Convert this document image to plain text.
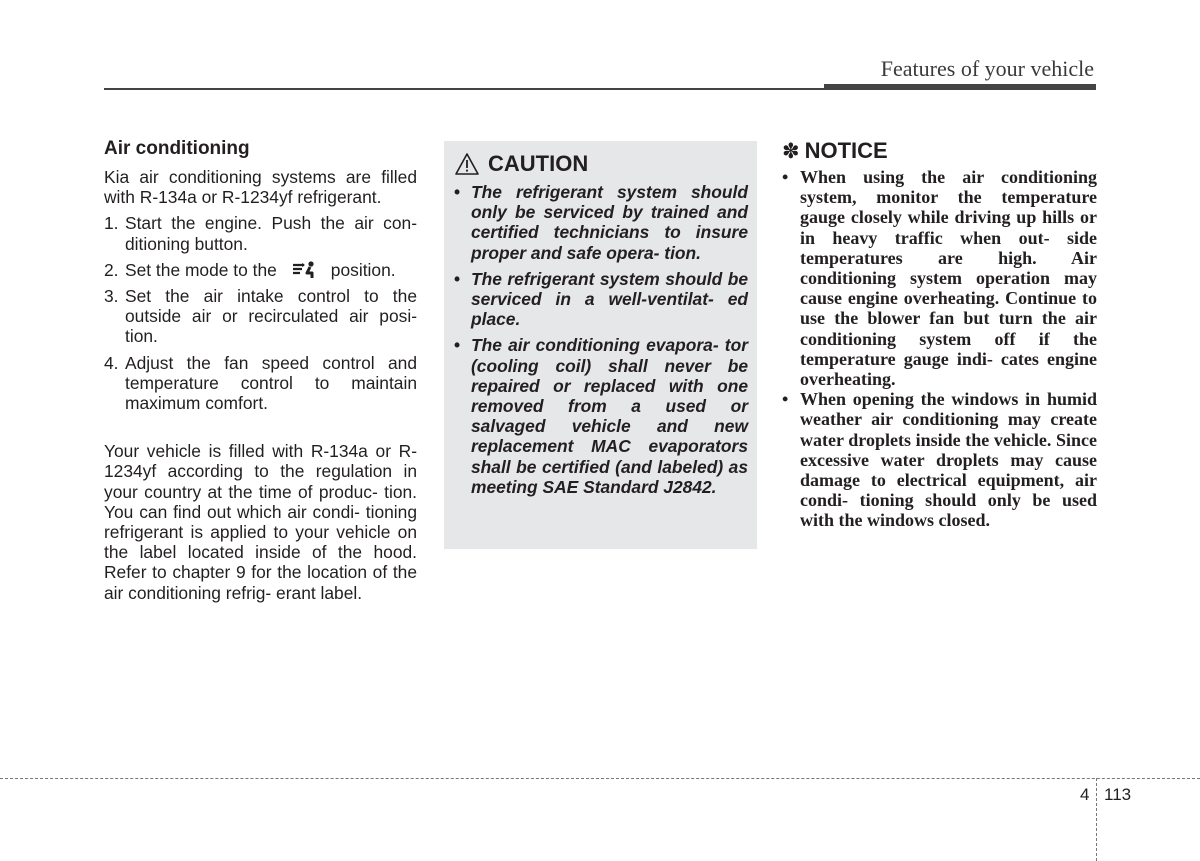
Features of your vehicle
Air conditioning

Kia air conditioning systems are filled with R-134a or R-1234yf refrigerant.

1. Start the engine. Push the air con- ditioning button.
2. Set the mode to the	position.
3. Set the air intake control to the outside air or recirculated air posi- tion.
4. Adjust the fan speed control and temperature control to maintain maximum comfort.

Your vehicle is filled with R-134a or R-1234yf according to the regulation in your country at the time of produc- tion. You can find out which air condi- tioning refrigerant is applied to your vehicle on the label located inside of the hood. Refer to chapter 9 for the location of the air conditioning refrig- erant label.

CAUTION
• The refrigerant system should only be serviced by trained and certified technicians to insure proper and safe opera- tion.
• The refrigerant system should be serviced in a well-ventilat- ed place.
• The air conditioning evapora- tor (cooling coil) shall never be repaired or replaced with one removed from a used or salvaged vehicle and new replacement MAC evaporators shall be certified (and labeled) as meeting SAE Standard J2842.
✽ NOTICE
• When using the air conditioning system, monitor the temperature gauge closely while driving up hills or in heavy traffic when out- side temperatures are high. Air conditioning system operation may cause engine overheating. Continue to use the blower fan but turn the air conditioning system off if the temperature gauge indi- cates engine overheating.
• When opening the windows in humid weather air conditioning may create water droplets inside the vehicle. Since excessive water droplets may cause damage to electrical equipment, air condi- tioning should only be used with the windows closed.
4 113
